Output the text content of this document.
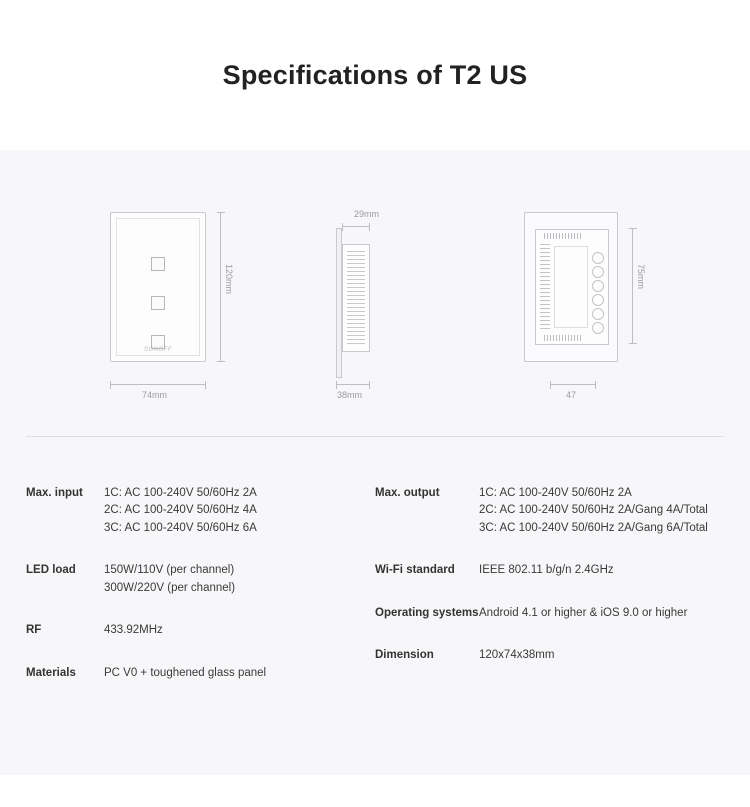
Specifications of T2 US
SONOFF
120mm
74mm
29mm
38mm
75mm
47
Max. input	1C: AC 100-240V 50/60Hz 2A
2C: AC 100-240V 50/60Hz 4A
3C: AC 100-240V 50/60Hz 6A
LED load	150W/110V (per channel)
300W/220V (per channel)
RF	433.92MHz
Materials	PC V0 + toughened glass panel
Max. output	1C: AC 100-240V 50/60Hz 2A
2C: AC 100-240V 50/60Hz 2A/Gang 4A/Total
3C: AC 100-240V 50/60Hz 2A/Gang 6A/Total
Wi-Fi standard	IEEE 802.11 b/g/n 2.4GHz
Operating systems Android 4.1 or higher & iOS 9.0 or higher
Dimension	120x74x38mm
